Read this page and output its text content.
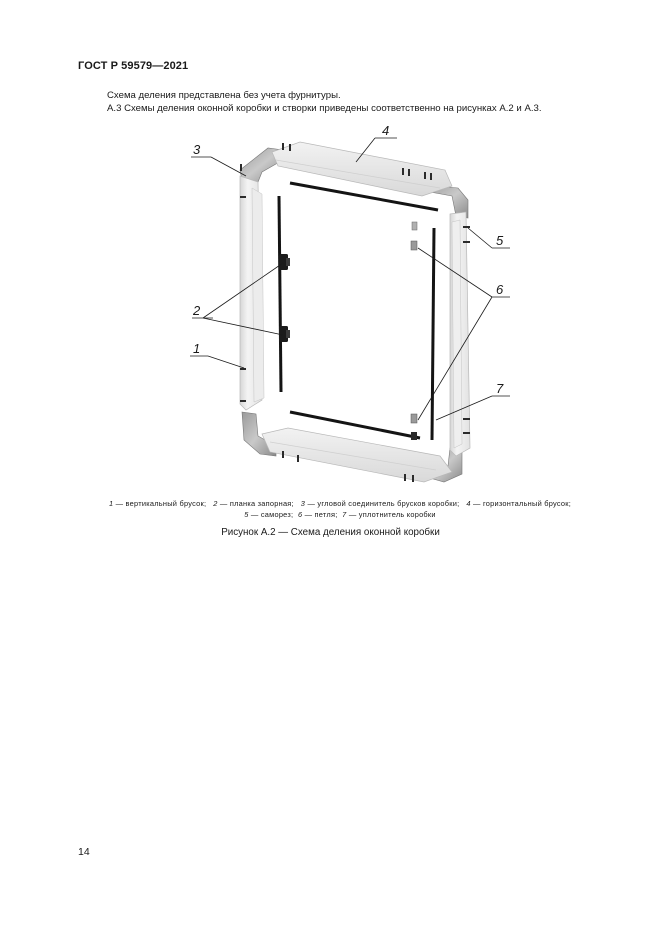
ГОСТ Р 59579—2021
Схема деления представлена без учета фурнитуры.
А.3 Схемы деления оконной коробки и створки приведены соответственно на рисунках А.2 и А.3.
3
4
2
1
5
6
7
1 — вертикальный брусок; 2 — планка запорная; 3 — угловой соединитель брусков коробки; 4 — горизонтальный брусок;
5 — саморез; 6 — петля; 7 — уплотнитель коробки
Рисунок А.2 — Схема деления оконной коробки
14
